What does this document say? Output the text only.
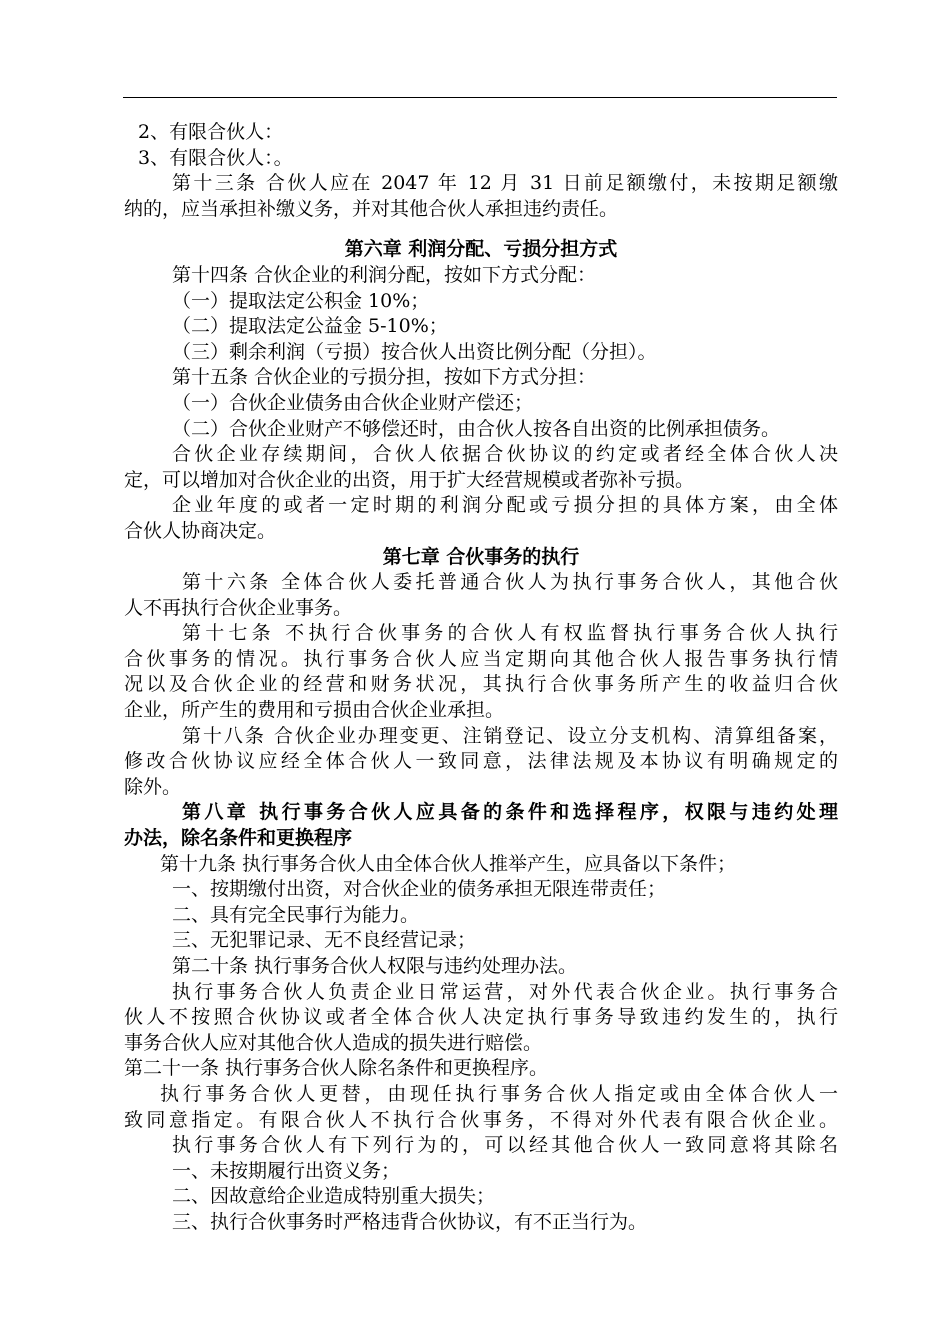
2、有限合伙人：

3、有限合伙人：。

第十三条 合伙人应在 2047 年 12 月 31 日前足额缴付，未按期足额缴

纳的，应当承担补缴义务，并对其他合伙人承担违约责任。

第六章 利润分配、亏损分担方式

第十四条 合伙企业的利润分配，按如下方式分配：

（一）提取法定公积金 10%；

（二）提取法定公益金 5-10%；

（三）剩余利润（亏损）按合伙人出资比例分配（分担）。

第十五条 合伙企业的亏损分担，按如下方式分担：

（一）合伙企业债务由合伙企业财产偿还；

（二）合伙企业财产不够偿还时，由合伙人按各自出资的比例承担债务。

合伙企业存续期间，合伙人依据合伙协议的约定或者经全体合伙人决

定，可以增加对合伙企业的出资，用于扩大经营规模或者弥补亏损。

企业年度的或者一定时期的利润分配或亏损分担的具体方案，由全体

合伙人协商决定。

第七章 合伙事务的执行

第十六条 全体合伙人委托普通合伙人为执行事务合伙人，其他合伙

人不再执行合伙企业事务。

第十七条 不执行合伙事务的合伙人有权监督执行事务合伙人执行

合伙事务的情况。执行事务合伙人应当定期向其他合伙人报告事务执行情

况以及合伙企业的经营和财务状况，其执行合伙事务所产生的收益归合伙

企业，所产生的费用和亏损由合伙企业承担。

第十八条 合伙企业办理变更、注销登记、设立分支机构、清算组备案，

修改合伙协议应经全体合伙人一致同意，法律法规及本协议有明确规定的

除外。

第八章 执行事务合伙人应具备的条件和选择程序，权限与违约处理

办法，除名条件和更换程序

第十九条 执行事务合伙人由全体合伙人推举产生，应具备以下条件；

一、按期缴付出资，对合伙企业的债务承担无限连带责任；

二、具有完全民事行为能力。

三、无犯罪记录、无不良经营记录；

第二十条 执行事务合伙人权限与违约处理办法。

执行事务合伙人负责企业日常运营，对外代表合伙企业。执行事务合

伙人不按照合伙协议或者全体合伙人决定执行事务导致违约发生的，执行

事务合伙人应对其他合伙人造成的损失进行赔偿。

第二十一条 执行事务合伙人除名条件和更换程序。

执行事务合伙人更替，由现任执行事务合伙人指定或由全体合伙人一

致同意指定。有限合伙人不执行合伙事务，不得对外代表有限合伙企业。

执行事务合伙人有下列行为的，可以经其他合伙人一致同意将其除名

一、未按期履行出资义务；

二、因故意给企业造成特别重大损失；

三、执行合伙事务时严格违背合伙协议，有不正当行为。
